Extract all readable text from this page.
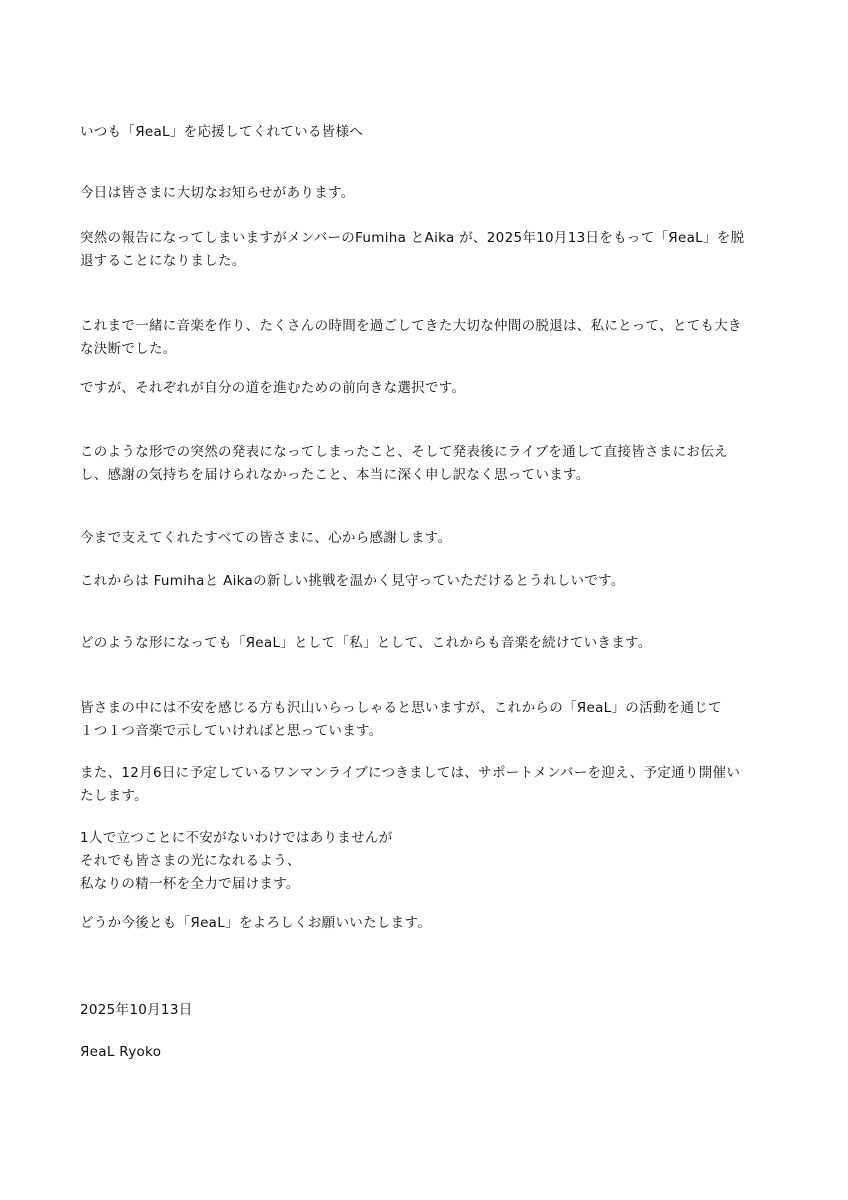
いつも「ЯeaL」を応援してくれている皆様へ

今日は皆さまに大切なお知らせがあります。

突然の報告になってしまいますがメンバーのFumiha とAika が、2025年10月13日をもって「ЯeaL」を脱

退することになりました。

これまで一緒に音楽を作り、たくさんの時間を過ごしてきた大切な仲間の脱退は、私にとって、とても大き

な決断でした。

ですが、それぞれが自分の道を進むための前向きな選択です。

このような形での突然の発表になってしまったこと、そして発表後にライブを通して直接皆さまにお伝え

し、感謝の気持ちを届けられなかったこと、本当に深く申し訳なく思っています。

今まで支えてくれたすべての皆さまに、心から感謝します。

これからは Fumihaと Aikaの新しい挑戦を温かく見守っていただけるとうれしいです。

どのような形になっても「ЯeaL」として「私」として、これからも音楽を続けていきます。

皆さまの中には不安を感じる方も沢山いらっしゃると思いますが、これからの「ЯeaL」の活動を通じて

１つ１つ音楽で示していければと思っています。

また、12月6日に予定しているワンマンライブにつきましては、サポートメンバーを迎え、予定通り開催い

たします。

1人で立つことに不安がないわけではありませんが

それでも皆さまの光になれるよう、

私なりの精一杯を全力で届けます。

どうか今後とも「ЯeaL」をよろしくお願いいたします。

2025年10月13日

ЯeaL Ryoko
